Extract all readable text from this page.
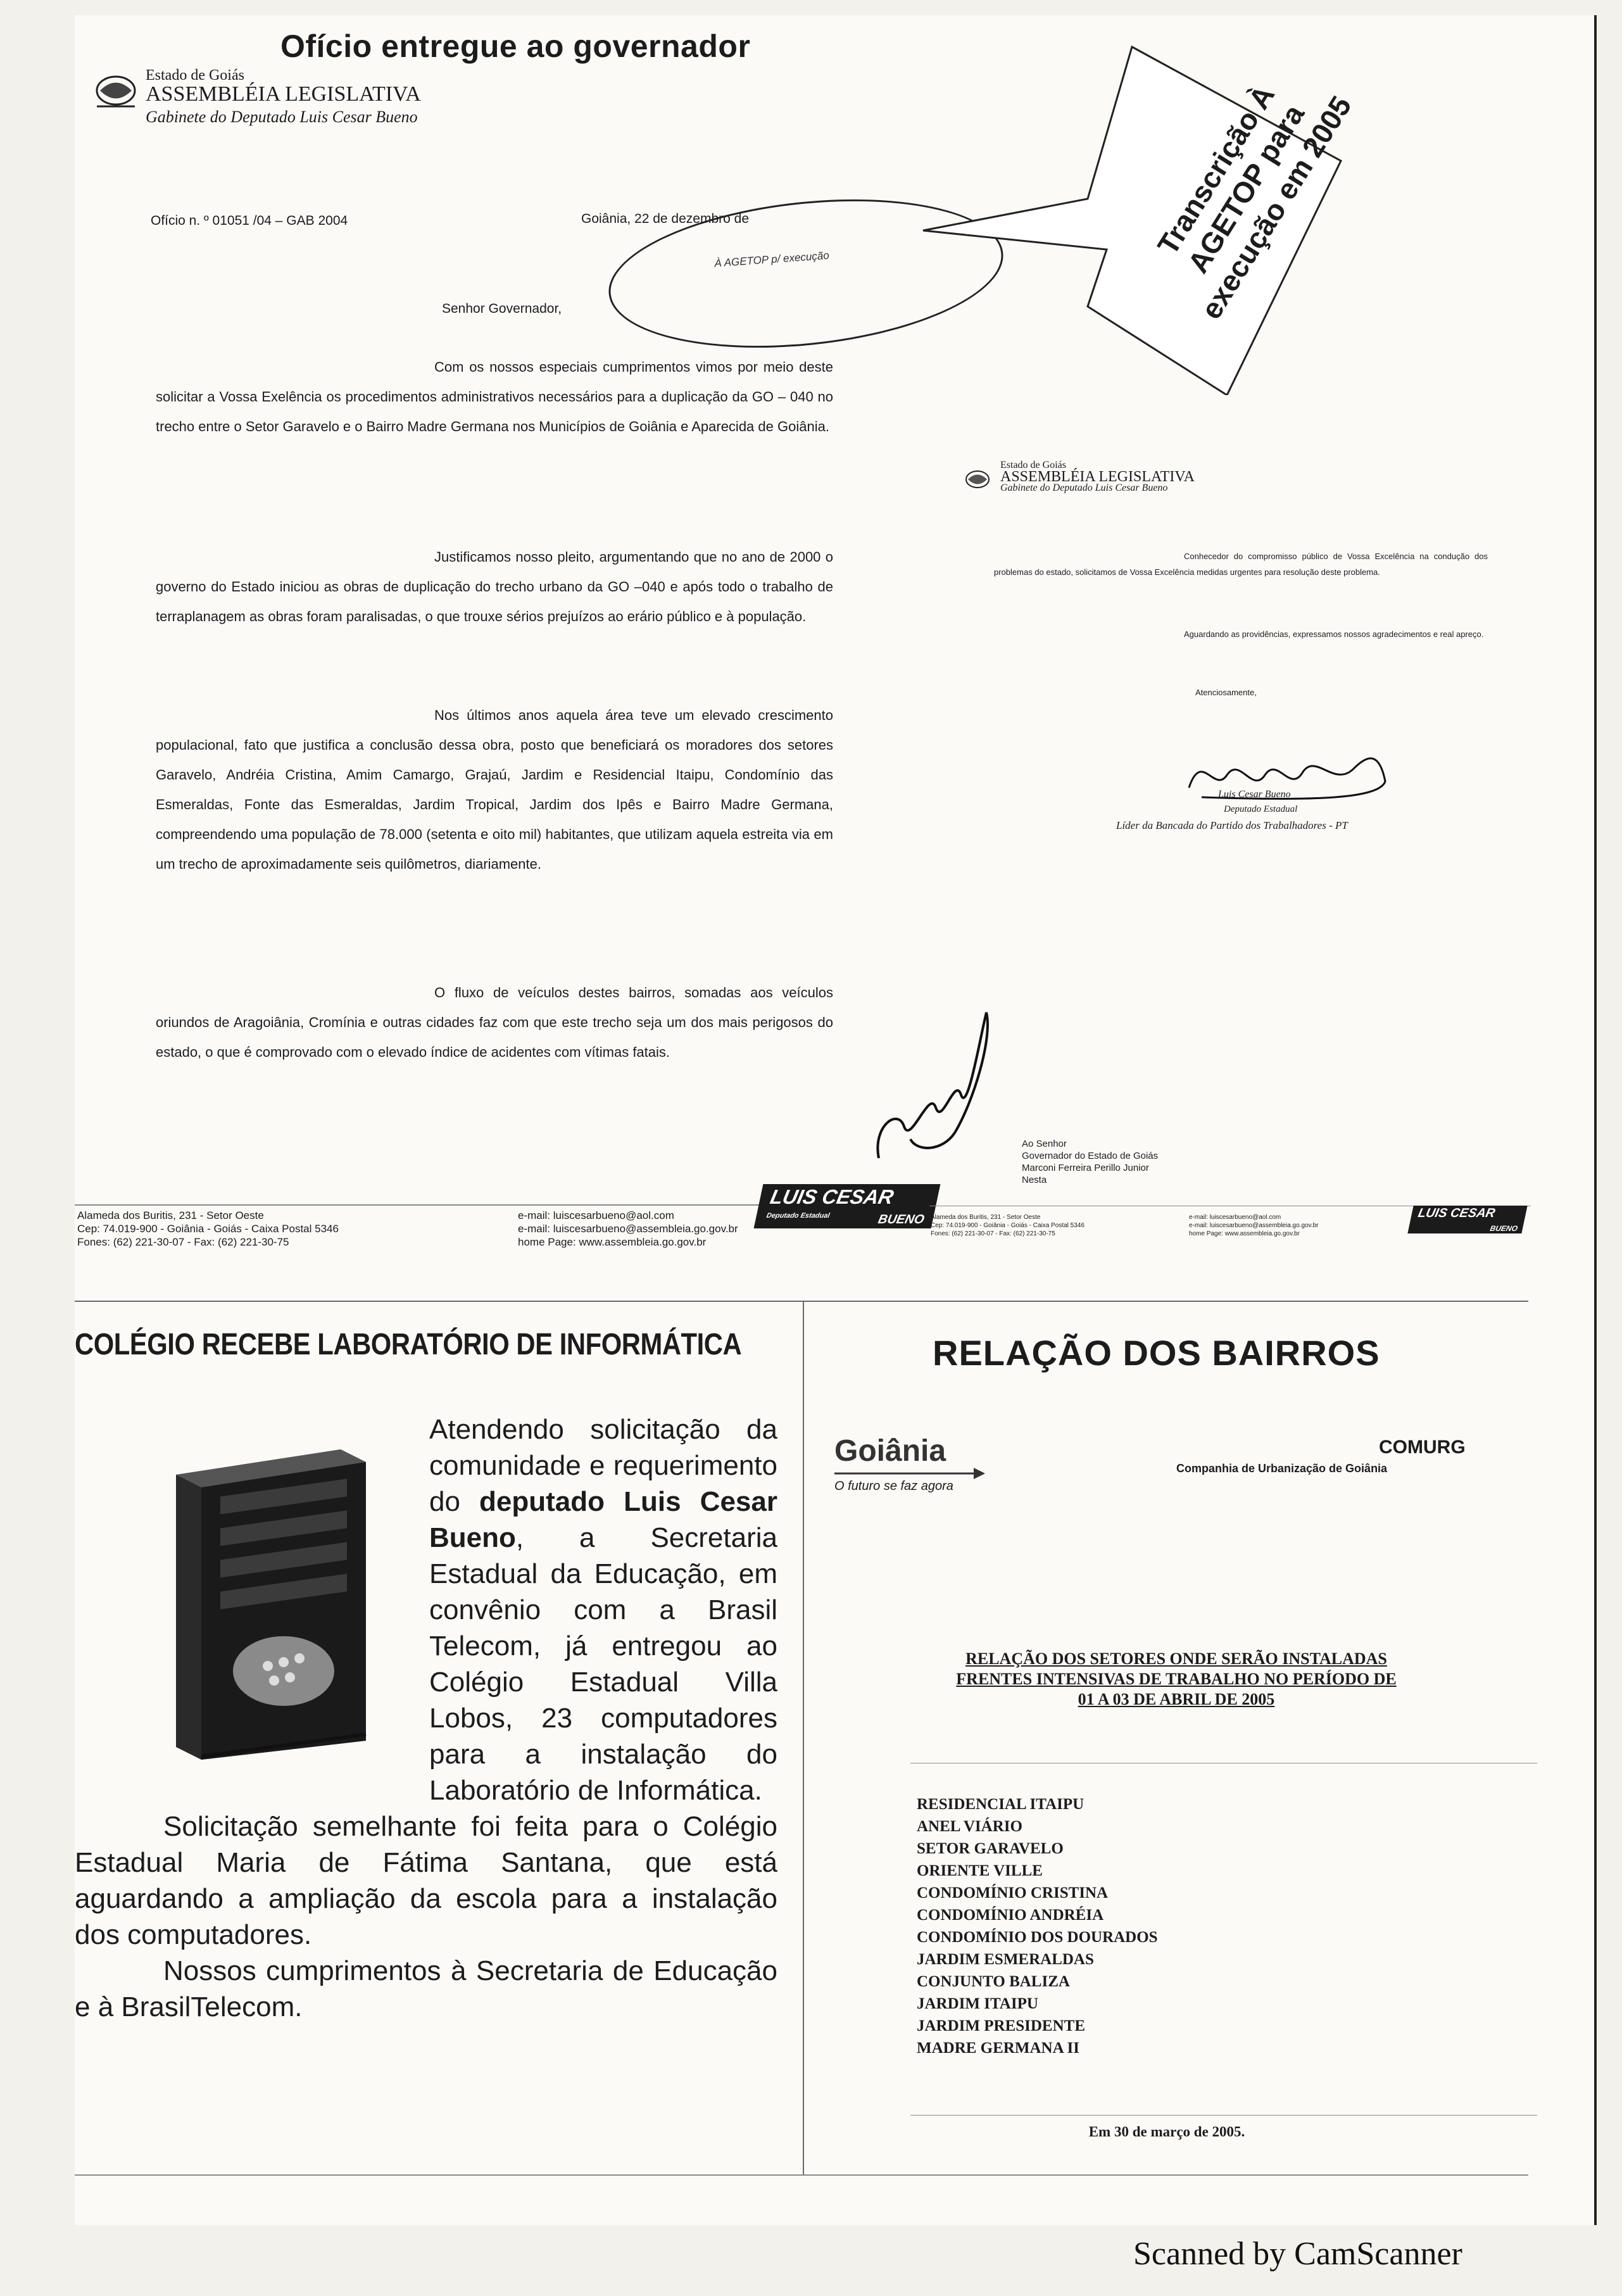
Ofício entregue ao governador
Estado de Goiás
ASSEMBLÉIA LEGISLATIVA
Gabinete do Deputado Luis Cesar Bueno
Ofício n. º 01051 /04 – GAB 2004	Goiânia, 22 de dezembro de
À AGETOP p/ execução	Transcrição À AGETOP para execução em 2005
Senhor Governador,
Com os nossos especiais cumprimentos vimos por meio deste solicitar a Vossa Exelência os procedimentos administrativos necessários para a duplicação da GO – 040 no trecho entre o Setor Garavelo e o Bairro Madre Germana nos Municípios de Goiânia e Aparecida de Goiânia.
Justificamos nosso pleito, argumentando que no ano de 2000 o governo do Estado iniciou as obras de duplicação do trecho urbano da GO –040 e após todo o trabalho de terraplanagem as obras foram paralisadas, o que trouxe sérios prejuízos ao erário público e à população.
Nos últimos anos aquela área teve um elevado crescimento populacional, fato que justifica a conclusão dessa obra, posto que beneficiará os moradores dos setores Garavelo, Andréia Cristina, Amim Camargo, Grajaú, Jardim e Residencial Itaipu, Condomínio das Esmeraldas, Fonte das Esmeraldas, Jardim Tropical, Jardim dos Ipês e Bairro Madre Germana, compreendendo uma população de 78.000 (setenta e oito mil) habitantes, que utilizam aquela estreita via em um trecho de aproximadamente seis quilômetros, diariamente.
O fluxo de veículos destes bairros, somadas aos veículos oriundos de Aragoiânia, Cromínia e outras cidades faz com que este trecho seja um dos mais perigosos do estado, o que é comprovado com o elevado índice de acidentes com vítimas fatais.
Estado de Goiás
ASSEMBLÉIA LEGISLATIVA
Gabinete do Deputado Luis Cesar Bueno
Conhecedor do compromisso público de Vossa Excelência na condução dos problemas do estado, solicitamos de Vossa Excelência medidas urgentes para resolução deste problema.
Aguardando as providências, expressamos nossos agradecimentos e real apreço.
Atenciosamente,
Luis Cesar Bueno
Deputado Estadual
Líder da Bancada do Partido dos Trabalhadores - PT
Ao Senhor
Governador do Estado de Goiás
Marconi Ferreira Perillo Junior
Nesta
Alameda dos Buritis, 231 - Setor Oeste
Cep: 74.019-900 - Goiânia - Goiás - Caixa Postal 5346
Fones: (62) 221-30-07 - Fax: (62) 221-30-75
e-mail: luiscesarbueno@aol.com
e-mail: luiscesarbueno@assembleia.go.gov.br
home Page: www.assembleia.go.gov.br
LUIS CESAR
Deputado Estadual	BUENO Alameda dos Buritis, 231 - Setor Oeste
Cep: 74.019-900 - Goiânia - Goiás - Caixa Postal 5346
Fones: (62) 221-30-07 - Fax: (62) 221-30-75
e-mail: luiscesarbueno@aol.com
e-mail: luiscesarbueno@assembleia.go.gov.br
home Page: www.assembleia.go.gov.br
LUIS CESAR
BUENO
COLÉGIO RECEBE LABORATÓRIO DE INFORMÁTICA
Atendendo solicitação da comunidade e requerimento do deputado Luis Cesar Bueno, a Secretaria Estadual da Educação, em convênio com a Brasil Telecom, já entregou ao Colégio Estadual Villa Lobos, 23 computadores para a instalação do Laboratório de Informática.
Solicitação semelhante foi feita para o Colégio Estadual Maria de Fátima Santana, que está aguardando a ampliação da escola para a instalação dos computadores.
Nossos cumprimentos à Secretaria de Educação e à BrasilTelecom.
RELAÇÃO DOS BAIRROS
Goiânia
O futuro se faz agora
COMURG
Companhia de Urbanização de Goiânia
RELAÇÃO DOS SETORES ONDE SERÃO INSTALADAS
FRENTES INTENSIVAS DE TRABALHO NO PERÍODO DE
01 A 03 DE ABRIL DE 2005
RESIDENCIAL ITAIPU
ANEL VIÁRIO
SETOR GARAVELO
ORIENTE VILLE
CONDOMÍNIO CRISTINA
CONDOMÍNIO ANDRÉIA
CONDOMÍNIO DOS DOURADOS
JARDIM ESMERALDAS
CONJUNTO BALIZA
JARDIM ITAIPU
JARDIM PRESIDENTE
MADRE GERMANA II
Em 30 de março de 2005.
Scanned by CamScanner
